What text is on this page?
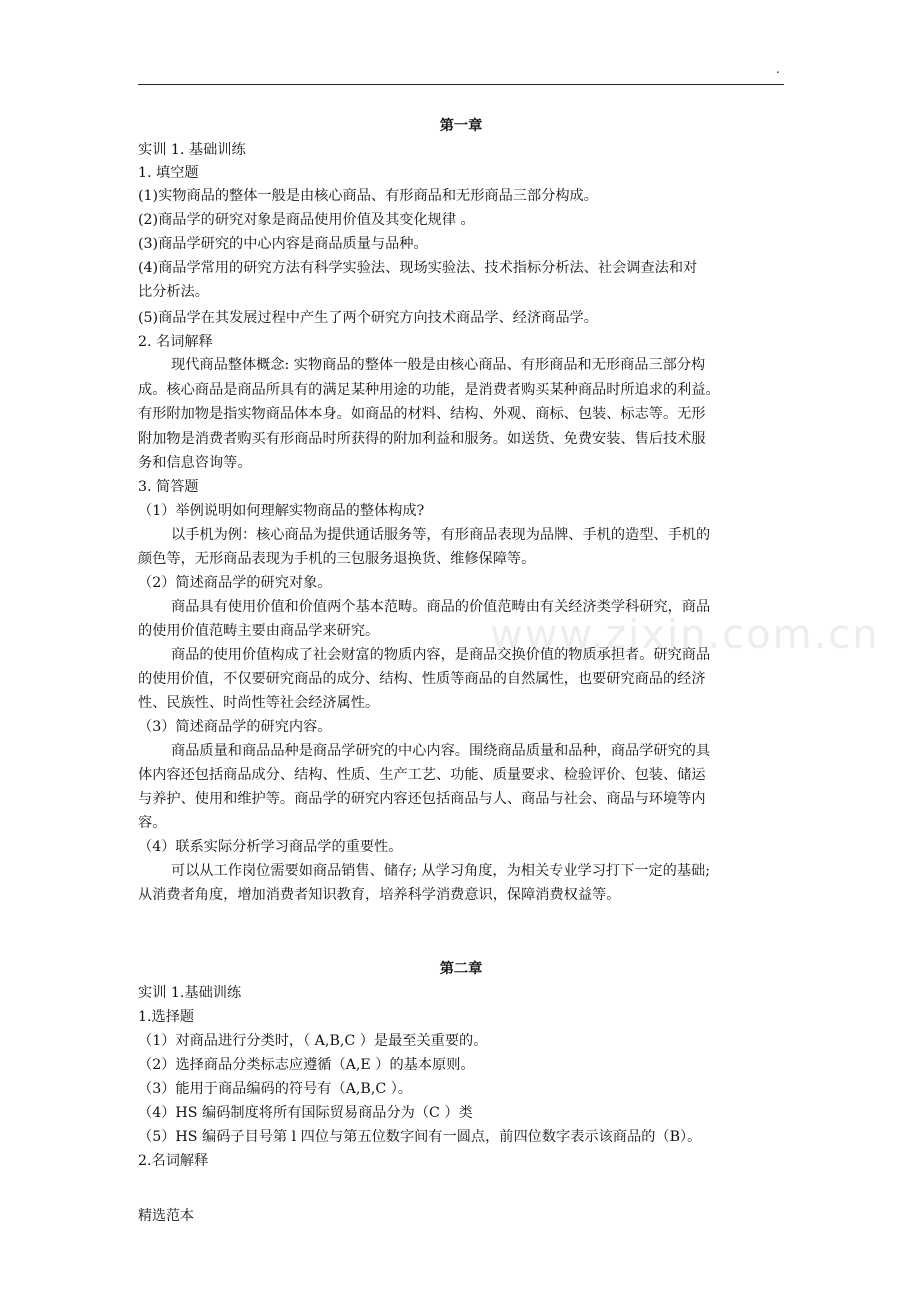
.
www.zixin.com.cn

第一章

实训 1. 基础训练

1. 填空题

(1)实物商品的整体一般是由核心商品、有形商品和无形商品三部分构成。

(2)商品学的研究对象是商品使用价值及其变化规律 。

(3)商品学研究的中心内容是商品质量与品种。

(4)商品学常用的研究方法有科学实验法、现场实验法、技术指标分析法、社会调查法和对

比分析法。

(5)商品学在其发展过程中产生了两个研究方向技术商品学、经济商品学。

2. 名词解释

现代商品整体概念: 实物商品的整体一般是由核心商品、有形商品和无形商品三部分构

成。核心商品是商品所具有的满足某种用途的功能，是消费者购买某种商品时所追求的利益。

有形附加物是指实物商品体本身。如商品的材料、结构、外观、商标、包装、标志等。无形

附加物是消费者购买有形商品时所获得的附加利益和服务。如送货、免费安装、售后技术服

务和信息咨询等。

3. 简答题

（1）举例说明如何理解实物商品的整体构成?

以手机为例：核心商品为提供通话服务等，有形商品表现为品牌、手机的造型、手机的

颜色等，无形商品表现为手机的三包服务退换货、维修保障等。

（2）简述商品学的研究对象。

商品具有使用价值和价值两个基本范畴。商品的价值范畴由有关经济类学科研究，商品

的使用价值范畴主要由商品学来研究。

商品的使用价值构成了社会财富的物质内容，是商品交换价值的物质承担者。研究商品

的使用价值，不仅要研究商品的成分、结构、性质等商品的自然属性，也要研究商品的经济

性、民族性、时尚性等社会经济属性。

（3）简述商品学的研究内容。

商品质量和商品品种是商品学研究的中心内容。围绕商品质量和品种，商品学研究的具

体内容还包括商品成分、结构、性质、生产工艺、功能、质量要求、检验评价、包装、储运

与养护、使用和维护等。商品学的研究内容还包括商品与人、商品与社会、商品与环境等内

容。

（4）联系实际分析学习商品学的重要性。

可以从工作岗位需要如商品销售、储存; 从学习角度，为相关专业学习打下一定的基础;

从消费者角度，增加消费者知识教育，培养科学消费意识，保障消费权益等。

第二章

实训 1.基础训练

1.选择题

（1）对商品进行分类时，（ A,B,C ）是最至关重要的。

（2）选择商品分类标志应遵循（A,E ）的基本原则。

（3）能用于商品编码的符号有（A,B,C ）。

（4）HS 编码制度将所有国际贸易商品分为（C ）类

（5）HS 编码子目号第 l 四位与第五位数字间有一圆点，前四位数字表示该商品的（B）。

2.名词解释

精选范本
